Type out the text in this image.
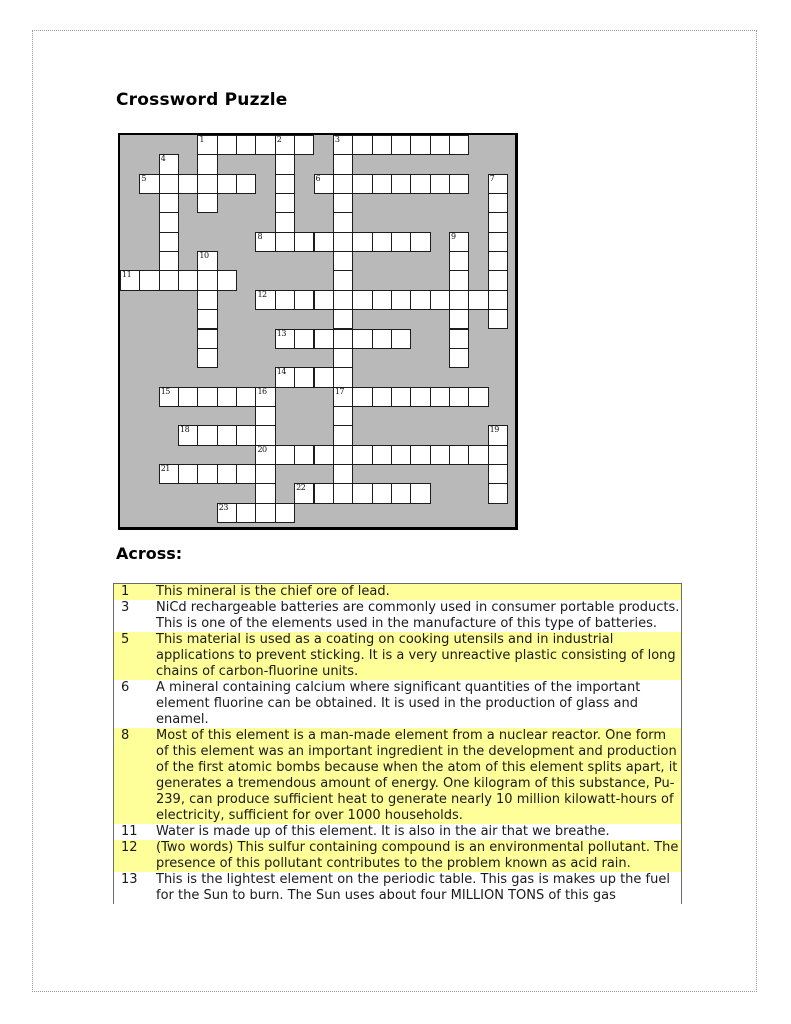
Crossword Puzzle
1	2	3
4
5	6	7
8	9
10
11
12
13
14
15	16
20
17
18	19
21
22
23
Across:
1	This mineral is the chief ore of lead.
3	NiCd rechargeable batteries are commonly used in consumer portable products. This is one of the elements used in the manufacture of this type of batteries.
5	This material is used as a coating on cooking utensils and in industrial applications to prevent sticking. It is a very unreactive plastic consisting of long chains of carbon-fluorine units.
6	A mineral containing calcium where significant quantities of the important element fluorine can be obtained. It is used in the production of glass and enamel.
8	Most of this element is a man-made element from a nuclear reactor. One form of this element was an important ingredient in the development and production of the first atomic bombs because when the atom of this element splits apart, it generates a tremendous amount of energy. One kilogram of this substance, Pu-239, can produce sufficient heat to generate nearly 10 million kilowatt-hours of electricity, sufficient for over 1000 households.
11	Water is made up of this element. It is also in the air that we breathe.
12	(Two words) This sulfur containing compound is an environmental pollutant. The presence of this pollutant contributes to the problem known as acid rain.
13	This is the lightest element on the periodic table. This gas is makes up the fuel for the Sun to burn. The Sun uses about four MILLION TONS of this gas
